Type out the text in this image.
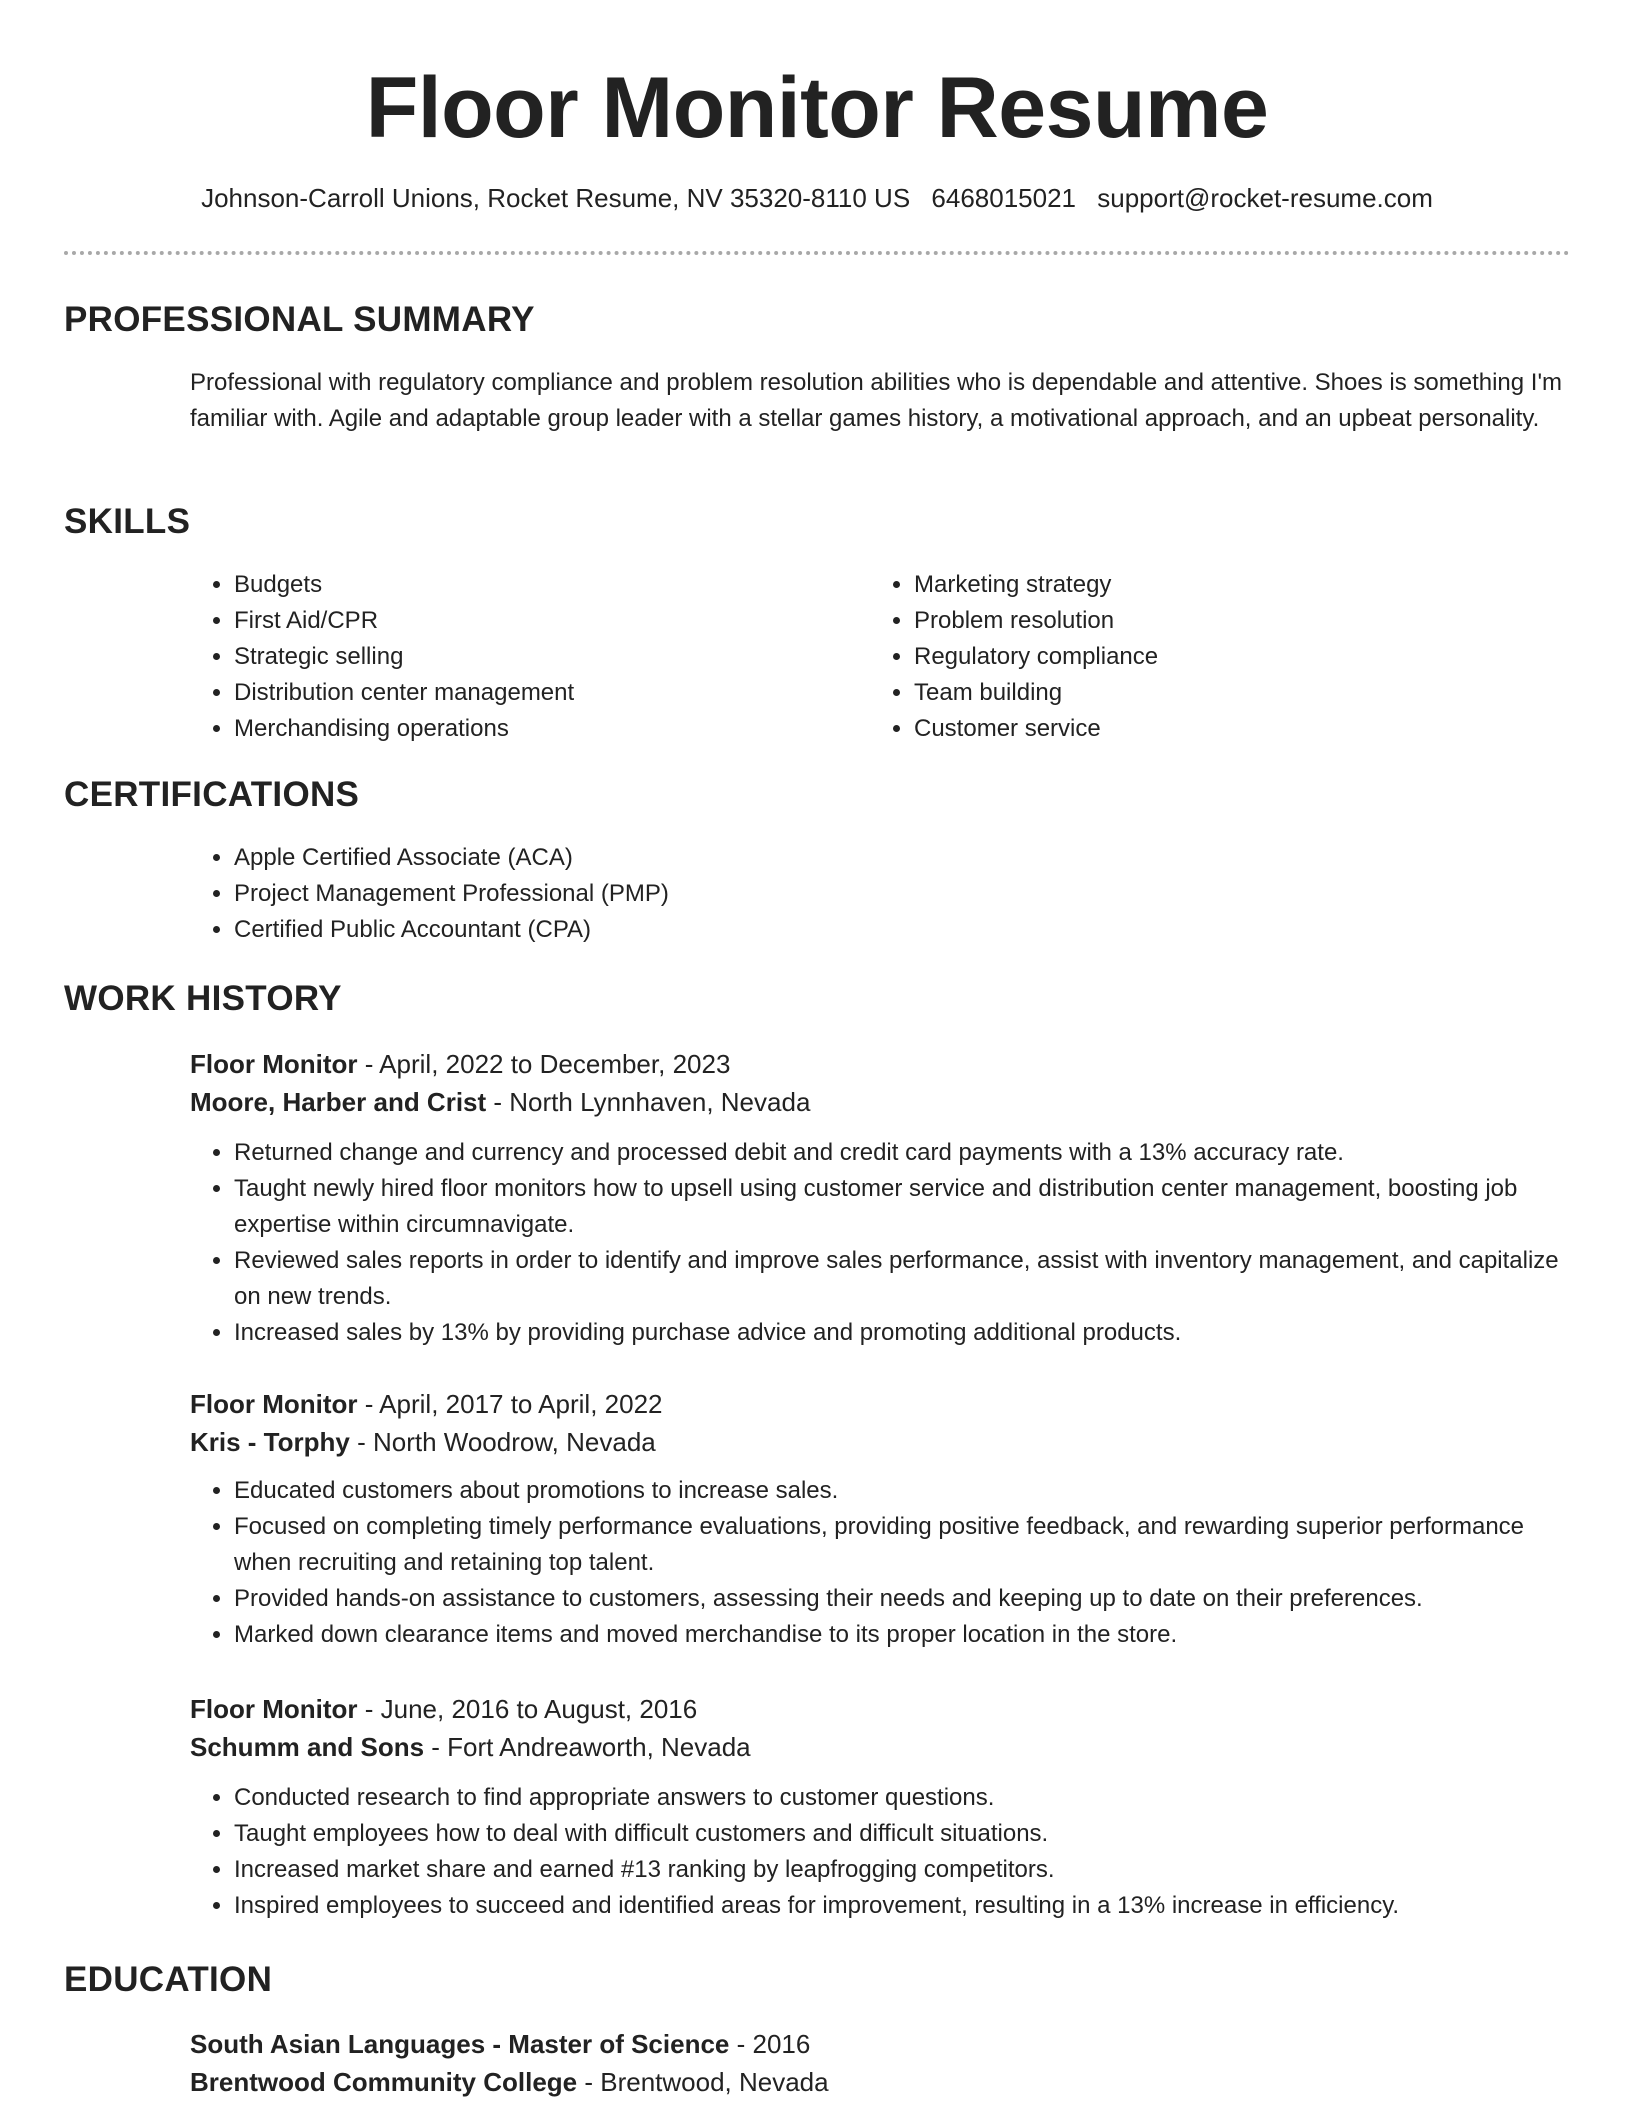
Floor Monitor Resume
Johnson-Carroll Unions, Rocket Resume, NV 35320-8110 US 6468015021 support@rocket-resume.com
PROFESSIONAL SUMMARY

Professional with regulatory compliance and problem resolution abilities who is dependable and attentive. Shoes is something I'm familiar with. Agile and adaptable group leader with a stellar games history, a motivational approach, and an upbeat personality.

SKILLS
• Budgets
• First Aid/CPR
• Strategic selling
• Distribution center management
• Merchandising operations
• Marketing strategy
• Problem resolution
• Regulatory compliance
• Team building
• Customer service
CERTIFICATIONS
• Apple Certified Associate (ACA)
• Project Management Professional (PMP)
• Certified Public Accountant (CPA)
WORK HISTORY

Floor Monitor - April, 2022 to December, 2023

Moore, Harber and Crist - North Lynnhaven, Nevada

• Returned change and currency and processed debit and credit card payments with a 13% accuracy rate.
• Taught newly hired floor monitors how to upsell using customer service and distribution center management, boosting job expertise within circumnavigate.
• Reviewed sales reports in order to identify and improve sales performance, assist with inventory management, and capitalize on new trends.
• Increased sales by 13% by providing purchase advice and promoting additional products.

Floor Monitor - April, 2017 to April, 2022

Kris - Torphy - North Woodrow, Nevada

• Educated customers about promotions to increase sales.
• Focused on completing timely performance evaluations, providing positive feedback, and rewarding superior performance when recruiting and retaining top talent.
• Provided hands-on assistance to customers, assessing their needs and keeping up to date on their preferences.
• Marked down clearance items and moved merchandise to its proper location in the store.

Floor Monitor - June, 2016 to August, 2016

Schumm and Sons - Fort Andreaworth, Nevada

• Conducted research to find appropriate answers to customer questions.
• Taught employees how to deal with difficult customers and difficult situations.
• Increased market share and earned #13 ranking by leapfrogging competitors.
• Inspired employees to succeed and identified areas for improvement, resulting in a 13% increase in efficiency.
EDUCATION

South Asian Languages - Master of Science - 2016

Brentwood Community College - Brentwood, Nevada
